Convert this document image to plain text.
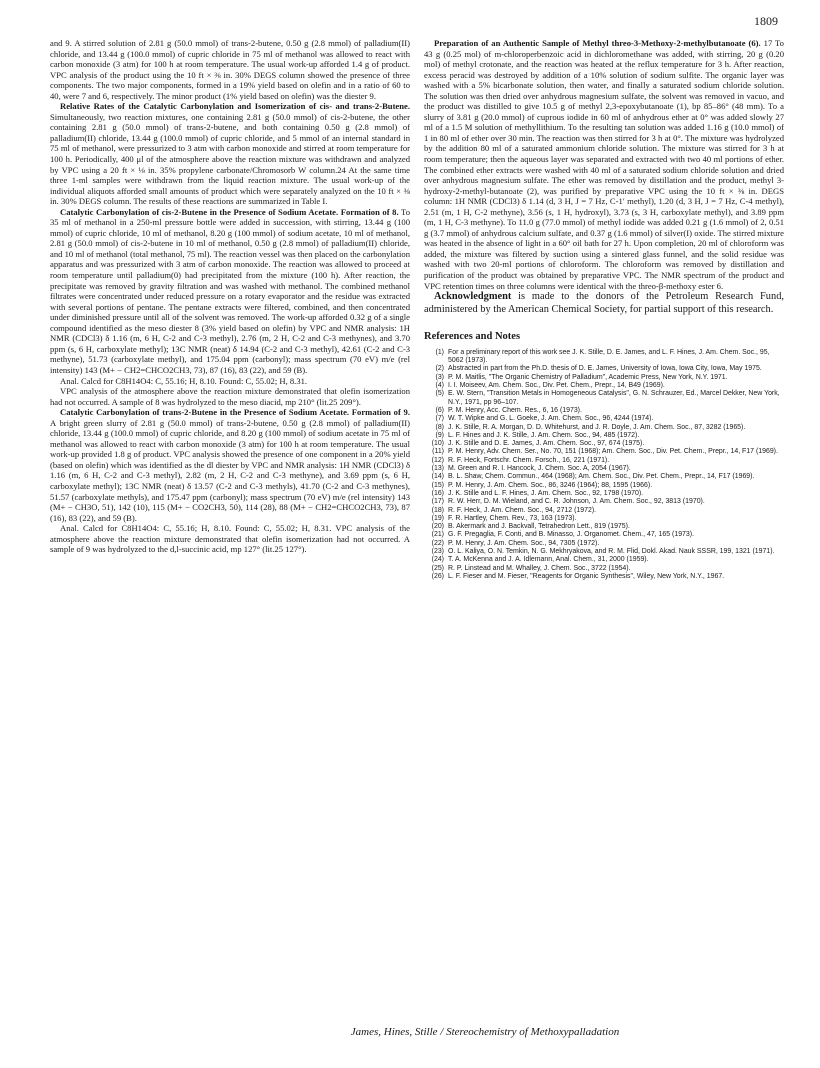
1809

and 9. A stirred solution of 2.81 g (50.0 mmol) of trans-2-butene, 0.50 g (2.8 mmol) of palladium(II) chloride, and 13.44 g (100.0 mmol) of cupric chloride in 75 ml of methanol was allowed to react with carbon monoxide (3 atm) for 100 h at room temperature. The usual work-up afforded 1.4 g of product. VPC analysis of the product using the 10 ft × ⅜ in. 30% DEGS column showed the presence of three components. The two major components, formed in a 19% yield based on olefin and in a ratio of 60 to 40, were 7 and 6, respectively. The minor product (1% yield based on olefin) was the diester 9.

Relative Rates of the Catalytic Carbonylation and Isomerization of cis- and trans-2-Butene. Simultaneously, two reaction mixtures, one containing 2.81 g (50.0 mmol) of cis-2-butene, the other containing 2.81 g (50.0 mmol) of trans-2-butene, and both containing 0.50 g (2.8 mmol) of palladium(II) chloride, 13.44 g (100.0 mmol) of cupric chloride, and 5 mmol of an internal standard in 75 ml of methanol, were pressurized to 3 atm with carbon monoxide and stirred at room temperature for 100 h. Periodically, 400 μl of the atmosphere above the reaction mixture was withdrawn and analyzed by VPC using a 20 ft × ⅛ in. 35% propylene carbonate/Chromosorb W column.24 At the same time three 1-ml samples were withdrawn from the liquid reaction mixture. The usual work-up of the individual aliquots afforded small amounts of product which were separately analyzed on the 10 ft × ⅜ in. 30% DEGS column. The results of these reactions are summarized in Table I.

Catalytic Carbonylation of cis-2-Butene in the Presence of Sodium Acetate. Formation of 8. To 35 ml of methanol in a 250-ml pressure bottle were added in succession, with stirring, 13.44 g (100 mmol) of cupric chloride, 10 ml of methanol, 8.20 g (100 mmol) of sodium acetate, 10 ml of methanol, 2.81 g (50.0 mmol) of cis-2-butene in 10 ml of methanol, 0.50 g (2.8 mmol) of palladium(II) chloride, and 10 ml of methanol (total methanol, 75 ml). The reaction vessel was then placed on the carbonylation apparatus and was pressurized with 3 atm of carbon monoxide. The reaction was allowed to proceed at room temperature until palladium(0) had precipitated from the mixture (100 h). After reaction, the precipitate was removed by gravity filtration and was washed with methanol. The combined methanol filtrates were concentrated under reduced pressure on a rotary evaporator and the residue was extracted with several portions of pentane. The pentane extracts were filtered, combined, and then concentrated under diminished pressure until all of the solvent was removed. The work-up afforded 0.32 g of a single compound identified as the meso diester 8 (3% yield based on olefin) by VPC and NMR analysis: 1H NMR (CDCl3) δ 1.16 (m, 6 H, C-2 and C-3 methyl), 2.76 (m, 2 H, C-2 and C-3 methynes), and 3.70 ppm (s, 6 H, carboxylate methyl); 13C NMR (neat) δ 14.94 (C-2 and C-3 methyl), 42.61 (C-2 and C-3 methyne), 51.73 (carboxylate methyl), and 175.04 ppm (carbonyl); mass spectrum (70 eV) m/e (rel intensity) 143 (M+ − CH2=CHCO2CH3, 73), 87 (16), 83 (22), and 59 (B).

Anal. Calcd for C8H14O4: C, 55.16; H, 8.10. Found: C, 55.02; H, 8.31.

VPC analysis of the atmosphere above the reaction mixture demonstrated that olefin isomerization had not occurred. A sample of 8 was hydrolyzed to the meso diacid, mp 210° (lit.25 209°).

Catalytic Carbonylation of trans-2-Butene in the Presence of Sodium Acetate. Formation of 9. A bright green slurry of 2.81 g (50.0 mmol) of trans-2-butene, 0.50 g (2.8 mmol) of palladium(II) chloride, 13.44 g (100.0 mmol) of cupric chloride, and 8.20 g (100 mmol) of sodium acetate in 75 ml of methanol was allowed to react with carbon monoxide (3 atm) for 100 h at room temperature. The usual work-up provided 1.8 g of product. VPC analysis showed the presence of one component in a 20% yield (based on olefin) which was identified as the dl diester by VPC and NMR analysis: 1H NMR (CDCl3) δ 1.16 (m, 6 H, C-2 and C-3 methyl), 2.82 (m, 2 H, C-2 and C-3 methyne), and 3.69 ppm (s, 6 H, carboxylate methyl); 13C NMR (neat) δ 13.57 (C-2 and C-3 methyls), 41.70 (C-2 and C-3 methynes), 51.57 (carboxylate methyls), and 175.47 ppm (carbonyl); mass spectrum (70 eV) m/e (rel intensity) 143 (M+ − CH3O, 51), 142 (10), 115 (M+ − CO2CH3, 50), 114 (28), 88 (M+ − CH2=CHCO2CH3, 73), 87 (16), 83 (22), and 59 (B).

Anal. Calcd for C8H14O4: C, 55.16; H, 8.10. Found: C, 55.02; H, 8.31. VPC analysis of the atmosphere above the reaction mixture demonstrated that olefin isomerization had not occurred. A sample of 9 was hydrolyzed to the d,l-succinic acid, mp 127° (lit.25 127°).

Preparation of an Authentic Sample of Methyl threo-3-Methoxy-2-methylbutanoate (6). 17 To 43 g (0.25 mol) of m-chloroperbenzoic acid in dichloromethane was added, with stirring, 20 g (0.20 mol) of methyl crotonate, and the reaction was heated at the reflux temperature for 3 h. After reaction, excess peracid was destroyed by addition of a 10% solution of sodium sulfite. The organic layer was washed with a 5% bicarbonate solution, then water, and finally a saturated sodium chloride solution. The solution was then dried over anhydrous magnesium sulfate, the solvent was removed in vacuo, and the product was distilled to give 10.5 g of methyl 2,3-epoxybutanoate (1), bp 85–86° (48 mm). To a slurry of 3.81 g (20.0 mmol) of cuprous iodide in 60 ml of anhydrous ether at 0° was added slowly 27 ml of a 1.5 M solution of methyllithium. To the resulting tan solution was added 1.16 g (10.0 mmol) of 1 in 80 ml of ether over 30 min. The reaction was then stirred for 3 h at 0°. The mixture was hydrolyzed by the addition 80 ml of a saturated ammonium chloride solution. The mixture was stirred for 3 h at room temperature; then the aqueous layer was separated and extracted with two 40 ml portions of ether. The combined ether extracts were washed with 40 ml of a saturated sodium chloride solution and dried over anhydrous magnesium sulfate. The ether was removed by distillation and the product, methyl 3-hydroxy-2-methyl-butanoate (2), was purified by preparative VPC using the 10 ft × ⅜ in. DEGS column: 1H NMR (CDCl3) δ 1.14 (d, 3 H, J = 7 Hz, C-1′ methyl), 1.20 (d, 3 H, J = 7 Hz, C-4 methyl), 2.51 (m, 1 H, C-2 methyne), 3.56 (s, 1 H, hydroxyl), 3.73 (s, 3 H, carboxylate methyl), and 3.89 ppm (m, 1 H, C-3 methyne). To 11.0 g (77.0 mmol) of methyl iodide was added 0.21 g (1.6 mmol) of 2, 0.51 g (3.7 mmol) of anhydrous calcium sulfate, and 0.37 g (1.6 mmol) of silver(I) oxide. The stirred mixture was heated in the absence of light in a 60° oil bath for 27 h. Upon completion, 20 ml of chloroform was added, the mixture was filtered by suction using a sintered glass funnel, and the solid residue was washed with two 20-ml portions of chloroform. The chloroform was removed by distillation and purification of the product was obtained by preparative VPC. The NMR spectrum of the product and VPC retention times on three columns were identical with the threo-β-methoxy ester 6.

Acknowledgment is made to the donors of the Petroleum Research Fund, administered by the American Chemical Society, for partial support of this research.

References and Notes
(1) For a preliminary report of this work see J. K. Stille, D. E. James, and L. F. Hines, J. Am. Chem. Soc., 95, 5062 (1973).
(2) Abstracted in part from the Ph.D. thesis of D. E. James, University of Iowa, Iowa City, Iowa, May 1975.
(3) P. M. Maitlis, "The Organic Chemistry of Palladium", Academic Press, New York, N.Y. 1971.
(4) I. I. Moiseev, Am. Chem. Soc., Div. Pet. Chem., Prepr., 14, B49 (1969).
(5) E. W. Stern, "Transition Metals in Homogeneous Catalysis", G. N. Schrauzer, Ed., Marcel Dekker, New York, N.Y., 1971, pp 96–107.
(6) P. M. Henry, Acc. Chem. Res., 6, 16 (1973).
(7) W. T. Wipke and G. L. Goeke, J. Am. Chem. Soc., 96, 4244 (1974).
(8) J. K. Stille, R. A. Morgan, D. D. Whitehurst, and J. R. Doyle, J. Am. Chem. Soc., 87, 3282 (1965).
(9) L. F. Hines and J. K. Stille, J. Am. Chem. Soc., 94, 485 (1972).
(10) J. K. Stille and D. E. James, J. Am. Chem. Soc., 97, 674 (1975).
(11) P. M. Henry, Adv. Chem. Ser., No. 70, 151 (1968); Am. Chem. Soc., Div. Pet. Chem., Prepr., 14, F17 (1969).
(12) R. F. Heck, Fortschr. Chem. Forsch., 16, 221 (1971).
(13) M. Green and R. I. Hancock, J. Chem. Soc. A, 2054 (1967).
(14) B. L. Shaw, Chem. Commun., 464 (1968); Am. Chem. Soc., Div. Pet. Chem., Prepr., 14, F17 (1969).
(15) P. M. Henry, J. Am. Chem. Soc., 86, 3246 (1964); 88, 1595 (1966).
(16) J. K. Stille and L. F. Hines, J. Am. Chem. Soc., 92, 1798 (1970).
(17) R. W. Herr, D. M. Wieland, and C. R. Johnson, J. Am. Chem. Soc., 92, 3813 (1970).
(18) R. F. Heck, J. Am. Chem. Soc., 94, 2712 (1972).
(19) F. R. Hartley, Chem. Rev., 73, 163 (1973).
(20) B. Akermark and J. Backvall, Tetrahedron Lett., 819 (1975).
(21) G. F. Pregaglia, F. Conti, and B. Minasso, J. Organomet. Chem., 47, 165 (1973).
(22) P. M. Henry, J. Am. Chem. Soc., 94, 7305 (1972).
(23) O. L. Kaliya, O. N. Temkin, N. G. Mekhryakova, and R. M. Flid, Dokl. Akad. Nauk SSSR, 199, 1321 (1971).
(24) T. A. McKenna and J. A. Idlemann, Anal. Chem., 31, 2000 (1959).
(25) R. P. Linstead and M. Whalley, J. Chem. Soc., 3722 (1954).
(26) L. F. Fieser and M. Fieser, "Reagents for Organic Synthesis", Wiley, New York, N.Y., 1967.
James, Hines, Stille / Stereochemistry of Methoxypalladation
